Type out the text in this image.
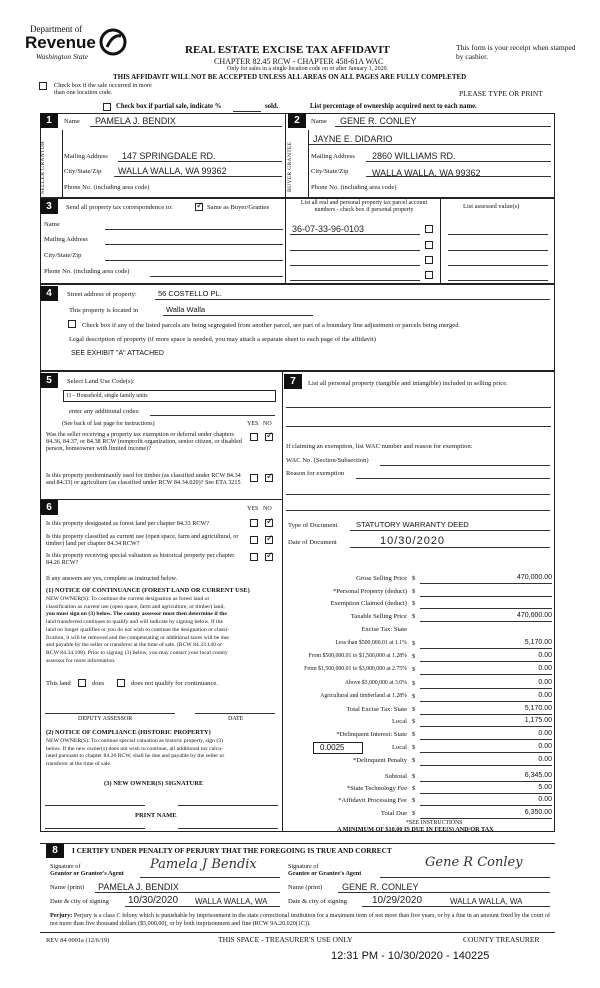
Department of
Revenue
Washington State
REAL ESTATE EXCISE TAX AFFIDAVIT
CHAPTER 82.45 RCW - CHAPTER 458-61A WAC
Only for sales in a single location code on or after January 1, 2020.
This form is your receipt when stamped by cashier.
THIS AFFIDAVIT WILL NOT BE ACCEPTED UNLESS ALL AREAS ON ALL PAGES ARE FULLY COMPLETED
Check box if the sale occurred in more than one location code.	PLEASE TYPE OR PRINT
Check box if partial sale, indicate %	sold.	List percentage of ownership acquired next to each name.
1	Name PAMELA J. BENDIX
SELLER GRANTOR	Mailing Address 147 SPRINGDALE RD.
City/State/Zip WALLA WALLA, WA 99362
Phone No. (including area code)
2	Name GENE R. CONLEY
JAYNE E. DIDARIO
BUYER GRANTEE	Mailing Address 2860 WILLIAMS RD.
City/State/Zip	WALLA WALLA, WA 99362
Phone No. (including area code)
3	Send all property tax correspondence to:
✓	Same as Buyer/Grantee
List all real and personal property tax parcel account numbers - check box if personal property	List assessed value(s)
Name
Mailing Address
City/State/Zip
Phone No. (including area code)
36-07-33-96-0103
4	Street address of property:	56 COSTELLO PL.
This property is located in	Walla Walla
Check box if any of the listed parcels are being segregated from another parcel, are part of a boundary line adjustment or parcels being merged.
Legal description of property (if more space is needed, you may attach a separate sheet to each page of the affidavit)
SEE EXHIBIT "A" ATTACHED
5	Select Land Use Code(s):
11 - Household, single family units
enter any additional codes:
(See back of last page for instructions)	YES NO
Was the seller receiving a property tax exemption or deferral under chapters 84.36, 84.37, or 84.38 RCW (nonprofit organization, senior citizen, or disabled person, homeowner with limited income)?
✓
Is this property predominantly used for timber (as classified under RCW 84.34 and 84.33) or agriculture (as classified under RCW 84.34.020)? See ETA 3215
✓
6	YES NO
Is this property designated as forest land per chapter 84.33 RCW?
✓
Is this property classified as current use (open space, farm and agricultural, or timber) land per chapter 84.34 RCW?
✓
Is this property receiving special valuation as historical property per chapter 84.26 RCW?
✓
If any answers are yes, complete as instructed below.
(1) NOTICE OF CONTINUANCE (FOREST LAND OR CURRENT USE)
NEW OWNER(S): To continue the current designation as forest land or
classification as current use (open space, farm and agriculture, or timber) land,
you must sign on (3) below. The county assessor must then determine if the
land transferred continues to qualify and will indicate by signing below. If the
land no longer qualifies or you do not wish to continue the designation or classi-
fication, it will be removed and the compensating or additional taxes will be due
and payable by the seller or transferor at the time of sale. (RCW 84.33.140 or
RCW 84.34.108). Prior to signing (3) below, you may contact your local county
assessor for more information.
This land	does	does not qualify for continuance.
DEPUTY ASSESSOR	DATE
(2) NOTICE OF COMPLIANCE (HISTORIC PROPERTY)
NEW OWNER(S): To continue special valuation as historic property, sign (3)
below. If the new owner(s) does not wish to continue, all additional tax calcu-
lated pursuant to chapter 84.26 RCW, shall be due and payable by the seller or
transferor at the time of sale.
(3) NEW OWNER(S) SIGNATURE
PRINT NAME
7	List all personal property (tangible and intangible) included in selling price.
If claiming an exemption, list WAC number and reason for exemption:
WAC No. (Section/Subsection)
Reason for exemption
Type of Document STATUTORY WARRANTY DEED
Date of Document	10/30/2020
Gross Selling Price $	470,000.00
*Personal Property (deduct) $
Exemption Claimed (deduct) $
Taxable Selling Price $	470,000.00
Excise Tax: State
Less than $500,000.01 at 1.1% $	5,170.00
From $500,000.01 to $1,500,000 at 1.28% $	0.00
From $1,500,000.01 to $3,000,000 at 2.75% $	0.00
Above $3,000,000 at 3.0% $	0.00
Agricultural and timberland at 1.28% $	0.00
Total Excise Tax: State $	5,170.00
Local $	1,175.00
*Delinquent Interest: State $	0.00
Local $	0.00
*Delinquent Penalty $	0.00
Subtotal $	6,345.00
*State Technology Fee $	5.00
*Affidavit Processing Fee $	0.00
Total Due $	6,350.00
0.0025
A MINIMUM OF $10.00 IS DUE IN FEE(S) AND/OR TAX
8	I CERTIFY UNDER PENALTY OF PERJURY THAT THE FOREGOING IS TRUE AND CORRECT
Signature of
Grantor or Grantor's Agent
Pamela J Bendix	Signature of
Grantee or Grantee's Agent
Gene R Conley
Name (print) PAMELA J. BENDIX	Name (print) GENE R. CONLEY
Date & city of signing 10/30/2020 WALLA WALLA, WA	Date & city of signing	10/29/2020	WALLA WALLA, WA
Perjury: Perjury is a class C felony which is punishable by imprisonment in the state correctional institution for a maximum term of not more than five years, or by a fine in an amount fixed by the court of not more than five thousand dollars ($5,000.00), or by both imprisonment and fine (RCW 9A.20.020(1C)).
REV 84 0001a (12/6/19)	THIS SPACE - TREASURER'S USE ONLY	COUNTY TREASURER
12:31 PM - 10/30/2020 - 140225
*SEE INSTRUCTIONS
